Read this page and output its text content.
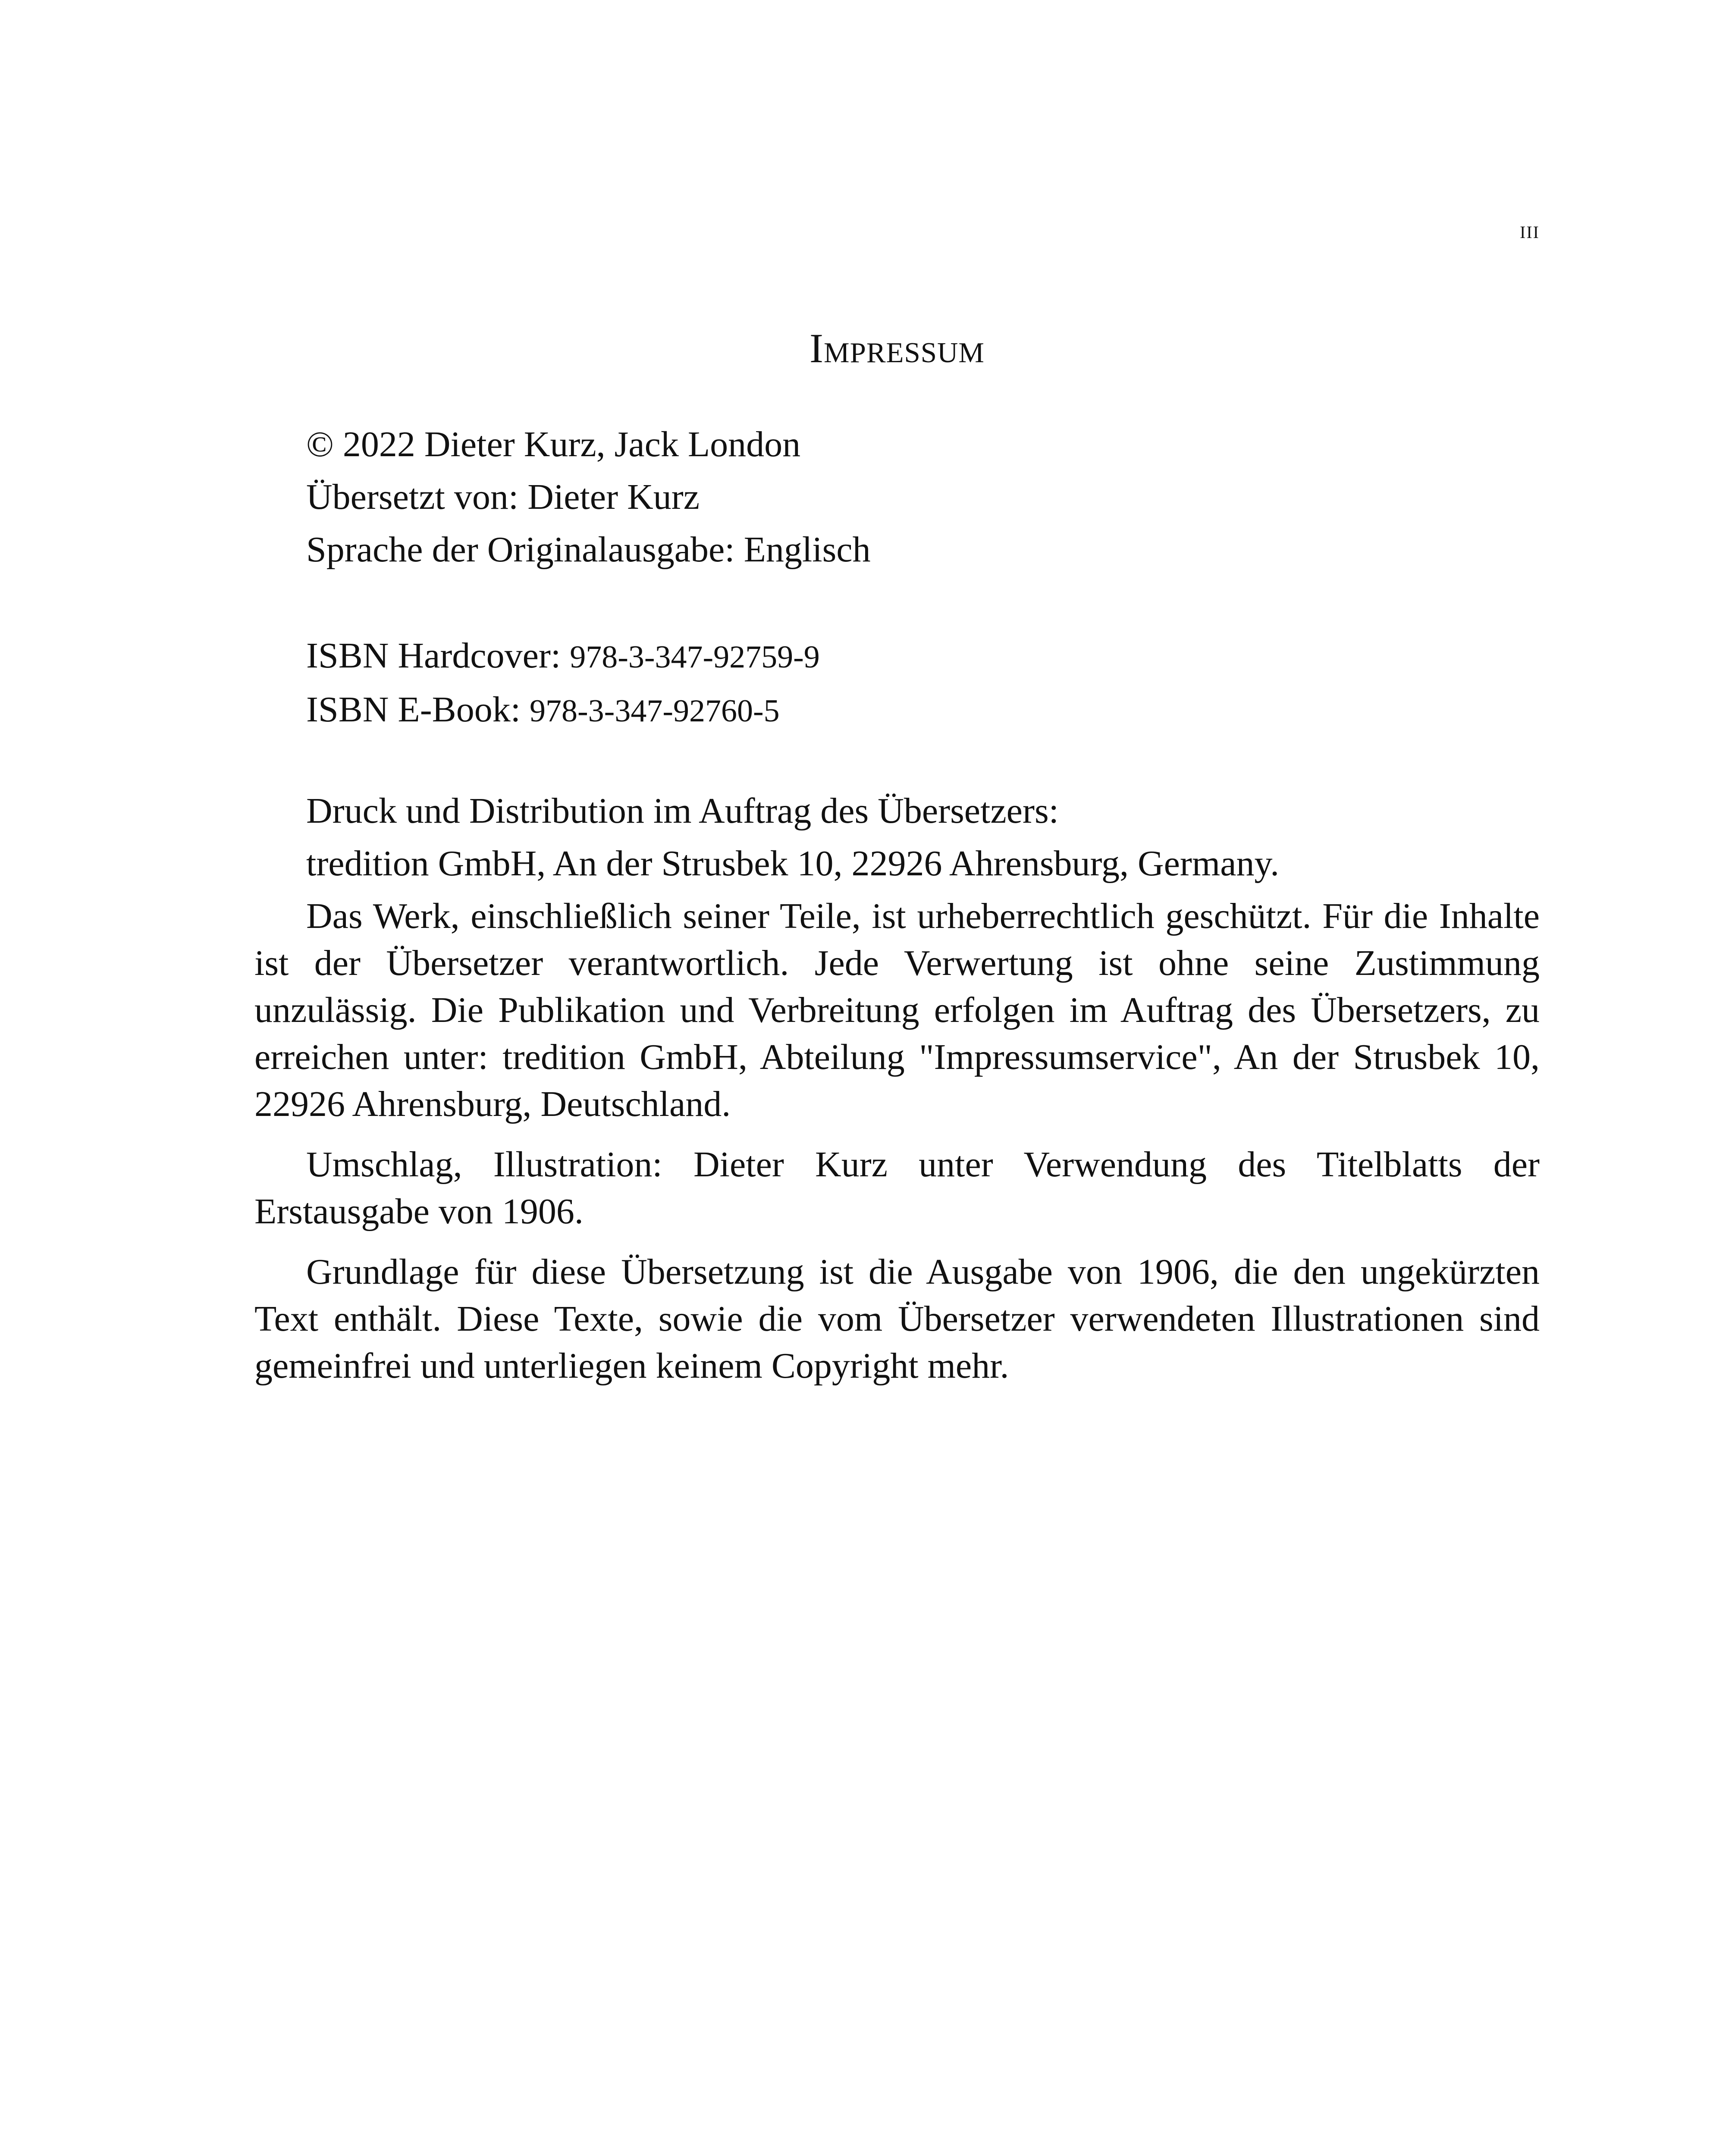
III
Impressum

© 2022 Dieter Kurz, Jack London

Übersetzt von: Dieter Kurz

Sprache der Originalausgabe: Englisch

ISBN Hardcover: 978-3-347-92759-9

ISBN E-Book: 978-3-347-92760-5

Druck und Distribution im Auftrag des Übersetzers:

tredition GmbH, An der Strusbek 10, 22926 Ahrensburg, Germany.

Das Werk, einschließlich seiner Teile, ist urheberrechtlich geschützt. Für die Inhalte ist der Übersetzer verantwortlich. Jede Verwertung ist ohne seine Zustimmung unzulässig. Die Publikation und Verbreitung erfolgen im Auftrag des Übersetzers, zu erreichen unter: tredition GmbH, Abteilung "Impressumservice", An der Strusbek 10, 22926 Ahrensburg, Deutschland.

Umschlag, Illustration: Dieter Kurz unter Verwendung des Titelblatts der Erstausgabe von 1906.

Grundlage für diese Übersetzung ist die Ausgabe von 1906, die den ungekürzten Text enthält. Diese Texte, sowie die vom Übersetzer verwendeten Illustrationen sind gemeinfrei und unterliegen keinem Copyright mehr.
